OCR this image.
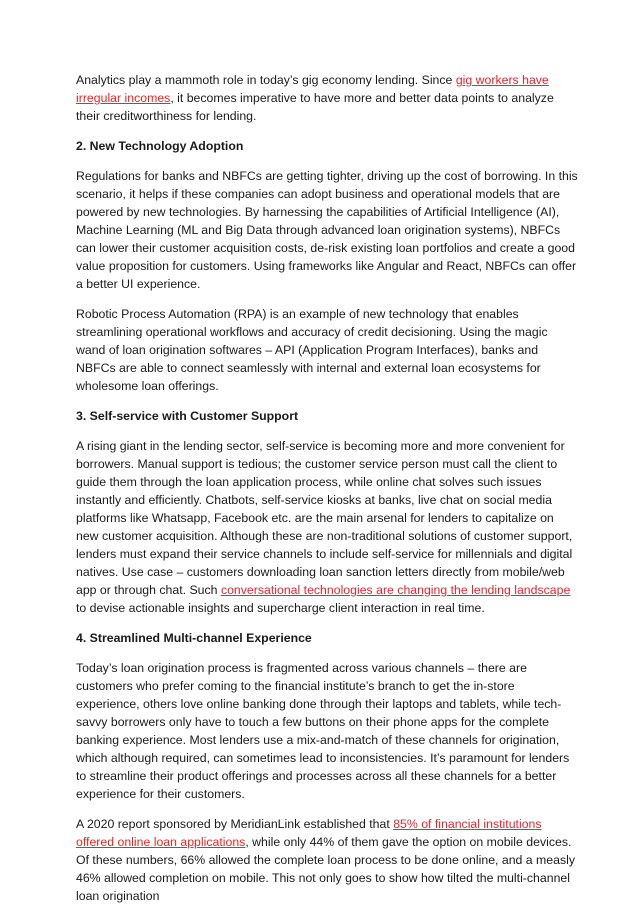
Analytics play a mammoth role in today’s gig economy lending. Since gig workers have irregular incomes, it becomes imperative to have more and better data points to analyze their creditworthiness for lending.

2. New Technology Adoption

Regulations for banks and NBFCs are getting tighter, driving up the cost of borrowing. In this scenario, it helps if these companies can adopt business and operational models that are powered by new technologies. By harnessing the capabilities of Artificial Intelligence (AI), Machine Learning (ML and Big Data through advanced loan origination systems), NBFCs can lower their customer acquisition costs, de-risk existing loan portfolios and create a good value proposition for customers. Using frameworks like Angular and React, NBFCs can offer a better UI experience.

Robotic Process Automation (RPA) is an example of new technology that enables streamlining operational workflows and accuracy of credit decisioning. Using the magic wand of loan origination softwares – API (Application Program Interfaces), banks and NBFCs are able to connect seamlessly with internal and external loan ecosystems for wholesome loan offerings.

3. Self-service with Customer Support

A rising giant in the lending sector, self-service is becoming more and more convenient for borrowers. Manual support is tedious; the customer service person must call the client to guide them through the loan application process, while online chat solves such issues instantly and efficiently. Chatbots, self-service kiosks at banks, live chat on social media platforms like Whatsapp, Facebook etc. are the main arsenal for lenders to capitalize on new customer acquisition. Although these are non-traditional solutions of customer support, lenders must expand their service channels to include self-service for millennials and digital natives. Use case – customers downloading loan sanction letters directly from mobile/web app or through chat. Such conversational technologies are changing the lending landscape to devise actionable insights and supercharge client interaction in real time.

4. Streamlined Multi-channel Experience

Today’s loan origination process is fragmented across various channels – there are customers who prefer coming to the financial institute’s branch to get the in-store experience, others love online banking done through their laptops and tablets, while tech-savvy borrowers only have to touch a few buttons on their phone apps for the complete banking experience. Most lenders use a mix-and-match of these channels for origination, which although required, can sometimes lead to inconsistencies. It’s paramount for lenders to streamline their product offerings and processes across all these channels for a better experience for their customers.

A 2020 report sponsored by MeridianLink established that 85% of financial institutions offered online loan applications, while only 44% of them gave the option on mobile devices. Of these numbers, 66% allowed the complete loan process to be done online, and a measly 46% allowed completion on mobile. This not only goes to show how tilted the multi-channel loan origination
